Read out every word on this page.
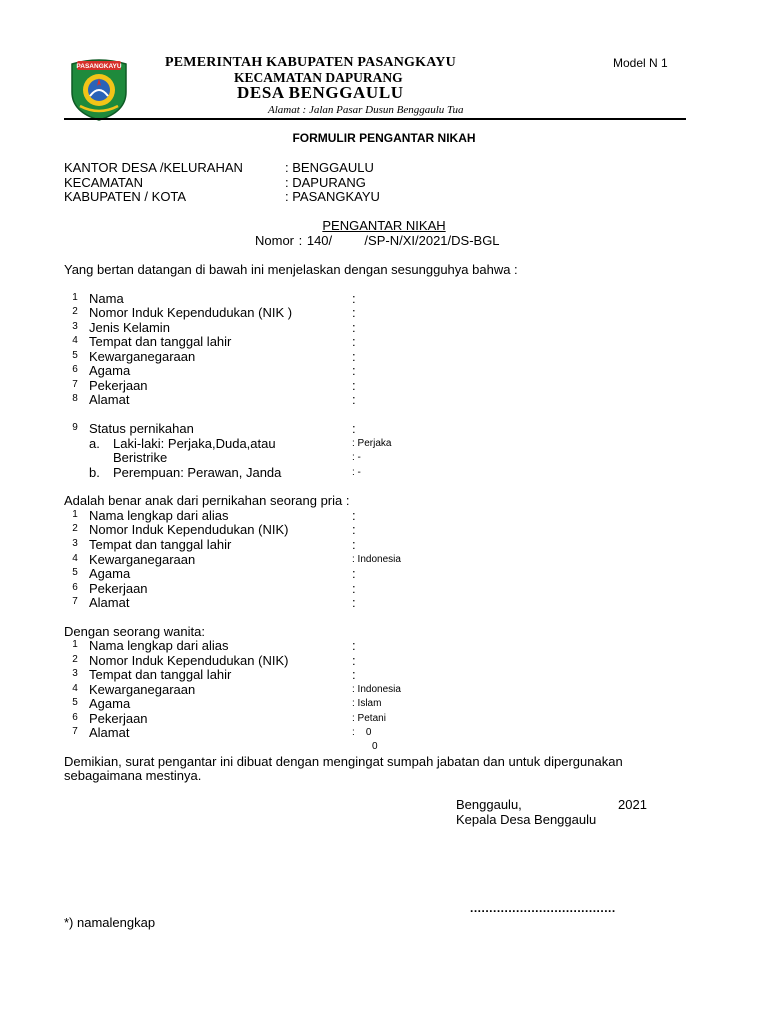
PASANGKAYU	PEMERINTAH KABUPATEN PASANGKAYU
KECAMATAN DAPURANG
DESA BENGGAULU
Alamat : Jalan Pasar Dusun Benggaulu Tua
Model N 1
FORMULIR PENGANTAR NIKAH
KANTOR DESA /KELURAHAN	: BENGGAULU
KECAMATAN	: DAPURANG
KABUPATEN / KOTA	: PASANGKAYU
PENGANTAR NIKAH
Nomor : 140/       /SP-N/XI/2021/DS-BGL
Yang bertan datangan di bawah ini menjelaskan dengan sesungguhya bahwa :
1 Nama	:
2 Nomor Induk Kependudukan (NIK )	:
3 Jenis Kelamin	:
4 Tempat dan tanggal lahir	:
5 Kewarganegaraan	:
6 Agama	:
7 Pekerjaan	:
8 Alamat	:
9 Status pernikahan	:
a. Laki-laki: Perjaka,Duda,atau	: Perjaka
Beristrike	: -
b. Perempuan: Perawan, Janda	: -
Adalah benar anak dari pernikahan seorang pria :
1 Nama lengkap dari alias	:
2 Nomor Induk Kependudukan (NIK)	:
3 Tempat dan tanggal lahir	:
4 Kewarganegaraan	: Indonesia
5 Agama	:
6 Pekerjaan	:
7 Alamat	:
Dengan seorang wanita:
1 Nama lengkap dari alias	:
2 Nomor Induk Kependudukan (NIK)	:
3 Tempat dan tanggal lahir	:
4 Kewarganegaraan	: Indonesia
5 Agama	: Islam
6 Pekerjaan	: Petani
7 Alamat	:    0
0
Demikian, surat pengantar ini dibuat dengan mengingat sumpah jabatan dan untuk dipergunakan
sebagaimana mestinya.
Benggaulu,	2021
Kepala Desa Benggaulu
......................................
*) namalengkap
